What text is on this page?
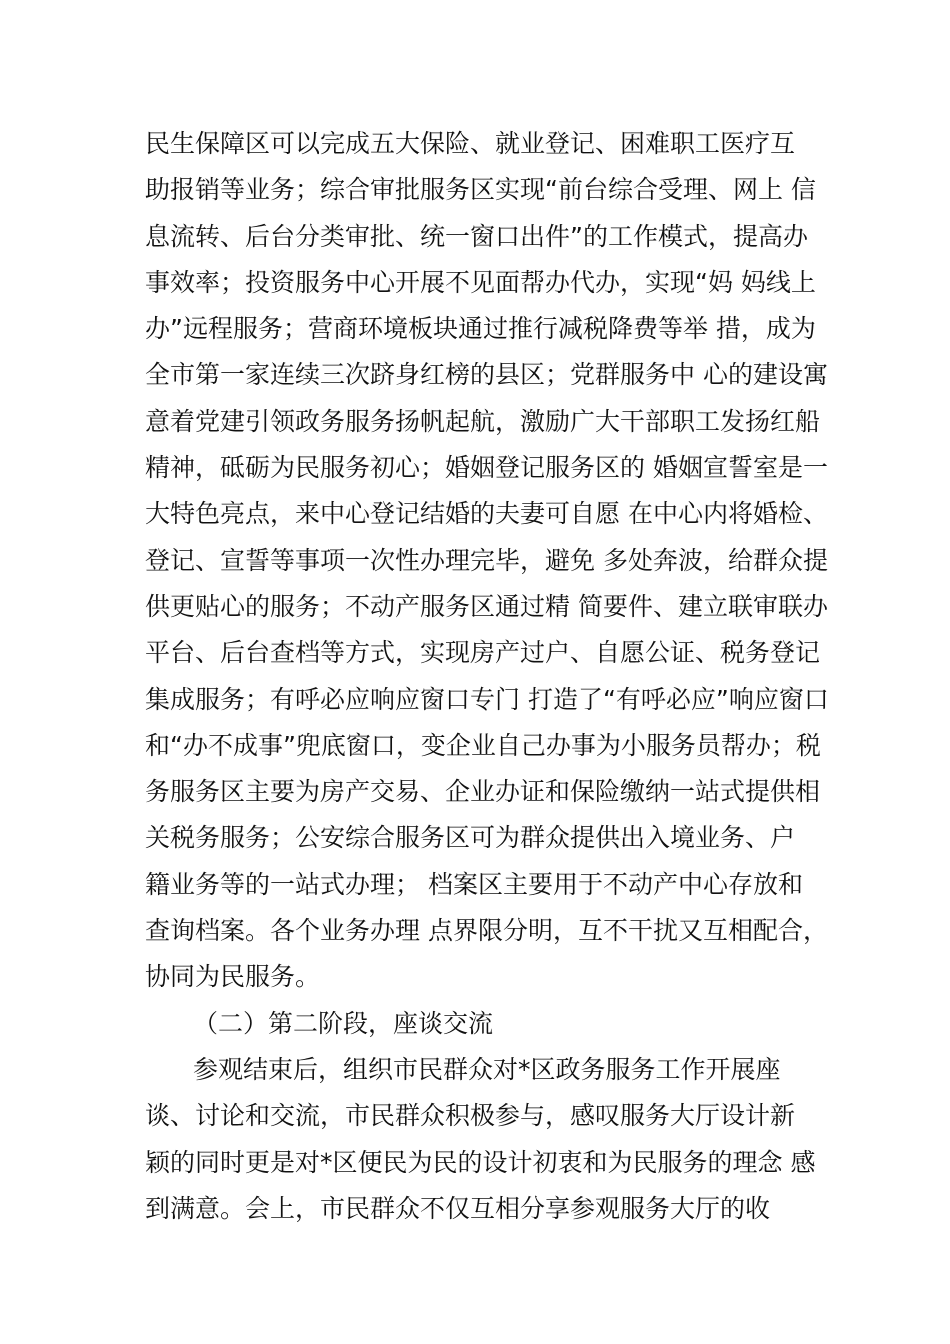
民生保障区可以完成五大保险、就业登记、困难职工医疗互
助报销等业务；综合审批服务区实现“前台综合受理、网上 信
息流转、后台分类审批、统一窗口出件”的工作模式，提高办
事效率；投资服务中心开展不见面帮办代办，实现“妈 妈线上
办”远程服务；营商环境板块通过推行减税降费等举 措，成为
全市第一家连续三次跻身红榜的县区；党群服务中 心的建设寓
意着党建引领政务服务扬帆起航，激励广大干部职工发扬红船
精神，砥砺为民服务初心；婚姻登记服务区的 婚姻宣誓室是一
大特色亮点，来中心登记结婚的夫妻可自愿 在中心内将婚检、
登记、宣誓等事项一次性办理完毕，避免 多处奔波，给群众提
供更贴心的服务；不动产服务区通过精 简要件、建立联审联办
平台、后台查档等方式，实现房产过户、自愿公证、税务登记
集成服务；有呼必应响应窗口专门 打造了“有呼必应”响应窗口
和“办不成事”兜底窗口，变企业自己办事为小服务员帮办；税
务服务区主要为房产交易、企业办证和保险缴纳一站式提供相
关税务服务；公安综合服务区可为群众提供出入境业务、户
籍业务等的一站式办理； 档案区主要用于不动产中心存放和
查询档案。各个业务办理 点界限分明，互不干扰又互相配合，
协同为民服务。
（二）第二阶段，座谈交流
参观结束后，组织市民群众对*区政务服务工作开展座
谈、讨论和交流，市民群众积极参与，感叹服务大厅设计新
颖的同时更是对*区便民为民的设计初衷和为民服务的理念 感
到满意。会上，市民群众不仅互相分享参观服务大厅的收
